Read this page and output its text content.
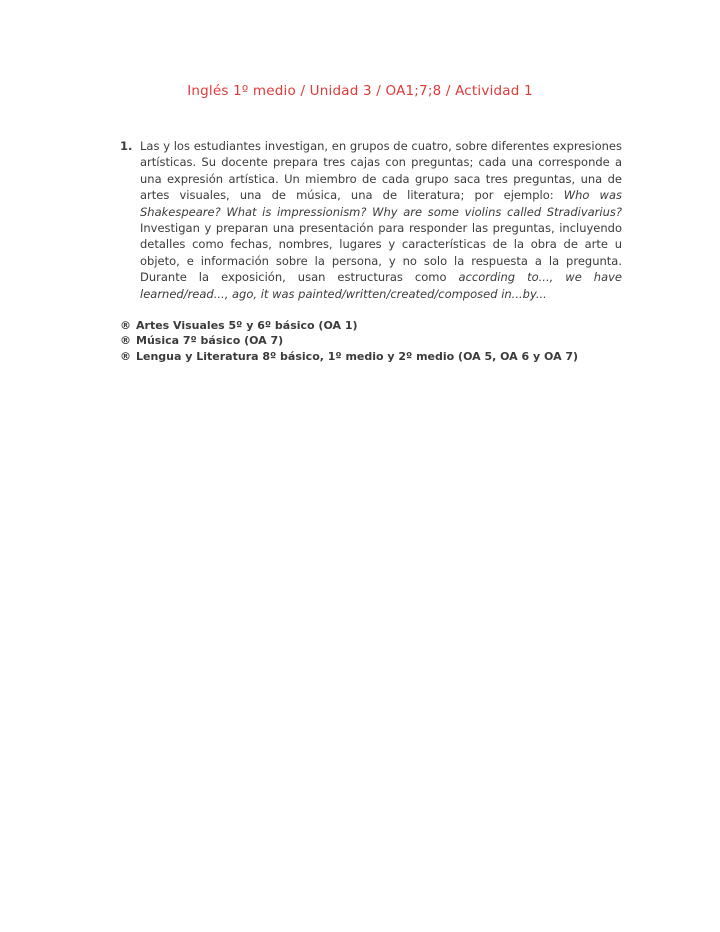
Inglés 1º medio / Unidad 3 / OA1;7;8 / Actividad 1
1. Las y los estudiantes investigan, en grupos de cuatro, sobre diferentes expresiones artísticas. Su docente prepara tres cajas con preguntas; cada una corresponde a una expresión artística. Un miembro de cada grupo saca tres preguntas, una de artes visuales, una de música, una de literatura; por ejemplo: Who was Shakespeare? What is impressionism? Why are some violins called Stradivarius? Investigan y preparan una presentación para responder las preguntas, incluyendo detalles como fechas, nombres, lugares y características de la obra de arte u objeto, e información sobre la persona, y no solo la respuesta a la pregunta. Durante la exposición, usan estructuras como according to..., we have learned/read..., ago, it was painted/written/created/composed in...by...

® Artes Visuales 5º y 6º básico (OA 1)
® Música 7º básico (OA 7)
® Lengua y Literatura 8º básico, 1º medio y 2º medio (OA 5, OA 6 y OA 7)
